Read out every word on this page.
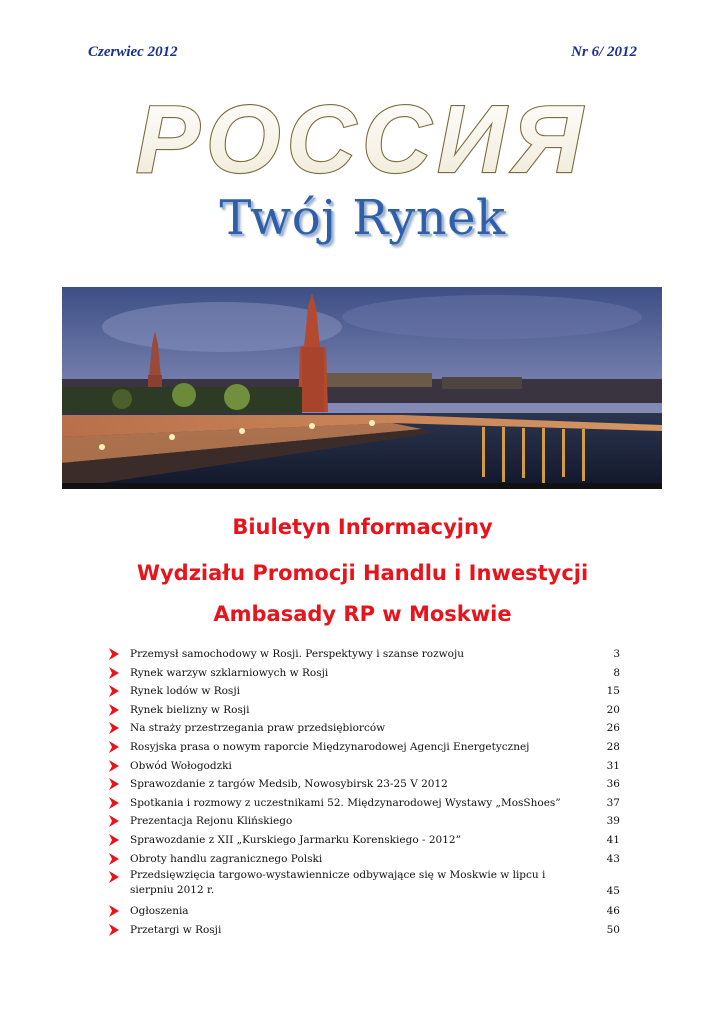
Czerwiec 2012	Nr 6/ 2012
РОССИЯ
Twój Rynek
Biuletyn Informacyjny
Wydziału Promocji Handlu i Inwestycji
Ambasady RP w Moskwie
Przemysł samochodowy w Rosji. Perspektywy i szanse rozwoju	3
Rynek warzyw szklarniowych w Rosji	8
Rynek lodów w Rosji	15
Rynek bielizny w Rosji	20
Na straży przestrzegania praw przedsiębiorców	26
Rosyjska prasa o nowym raporcie Międzynarodowej Agencji Energetycznej	28
Obwód Wołogodzki	31
Sprawozdanie z targów Medsib, Nowosybirsk 23-25 V 2012	36
Spotkania i rozmowy z uczestnikami 52. Międzynarodowej Wystawy „MosShoes”	37
Prezentacja Rejonu Klińskiego	39
Sprawozdanie z XII „Kurskiego Jarmarku Korenskiego - 2012”	41
Obroty handlu zagranicznego Polski	43
Przedsięwzięcia targowo-wystawiennicze odbywające się w Moskwie w lipcu i sierpniu 2012 r.	45
Ogłoszenia	46
Przetargi w Rosji	50
